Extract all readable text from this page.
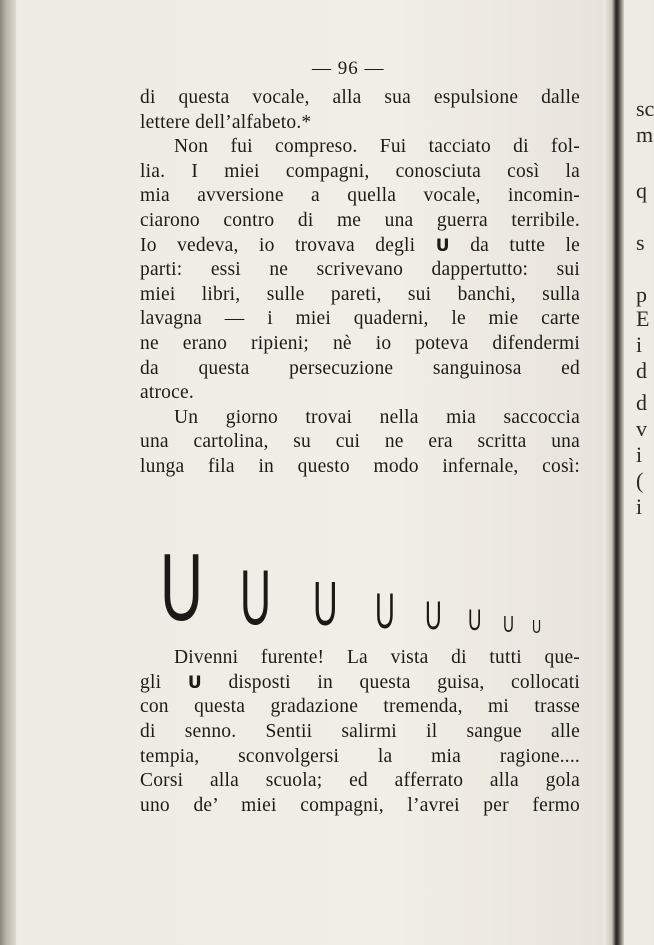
sc
m
q
s
p
E
i
d
d
v
i
(
i
— 96 —
di questa vocale, alla sua espulsione dalle
lettere dell’alfabeto.*
Non fui compreso. Fui tacciato di fol-
lia. I miei compagni, conosciuta così la
mia avversione a quella vocale, incomin-
ciarono contro di me una guerra terribile.
Io vedeva, io trovava degli U da tutte le
parti: essi ne scrivevano dappertutto: sui
miei libri, sulle pareti, sui banchi, sulla
lavagna — i miei quaderni, le mie carte
ne erano ripieni; nè io poteva difendermi
da questa persecuzione sanguinosa ed
atroce.
Un giorno trovai nella mia saccoccia
una cartolina, su cui ne era scritta una
lunga fila in questo modo infernale, così:
U U U U U U U U
Divenni furente! La vista di tutti que-
gli U disposti in questa guisa, collocati
con questa gradazione tremenda, mi trasse
di senno. Sentii salirmi il sangue alle
tempia, sconvolgersi la mia ragione....
Corsi alla scuola; ed afferrato alla gola
uno de’ miei compagni, l’avrei per fermo
